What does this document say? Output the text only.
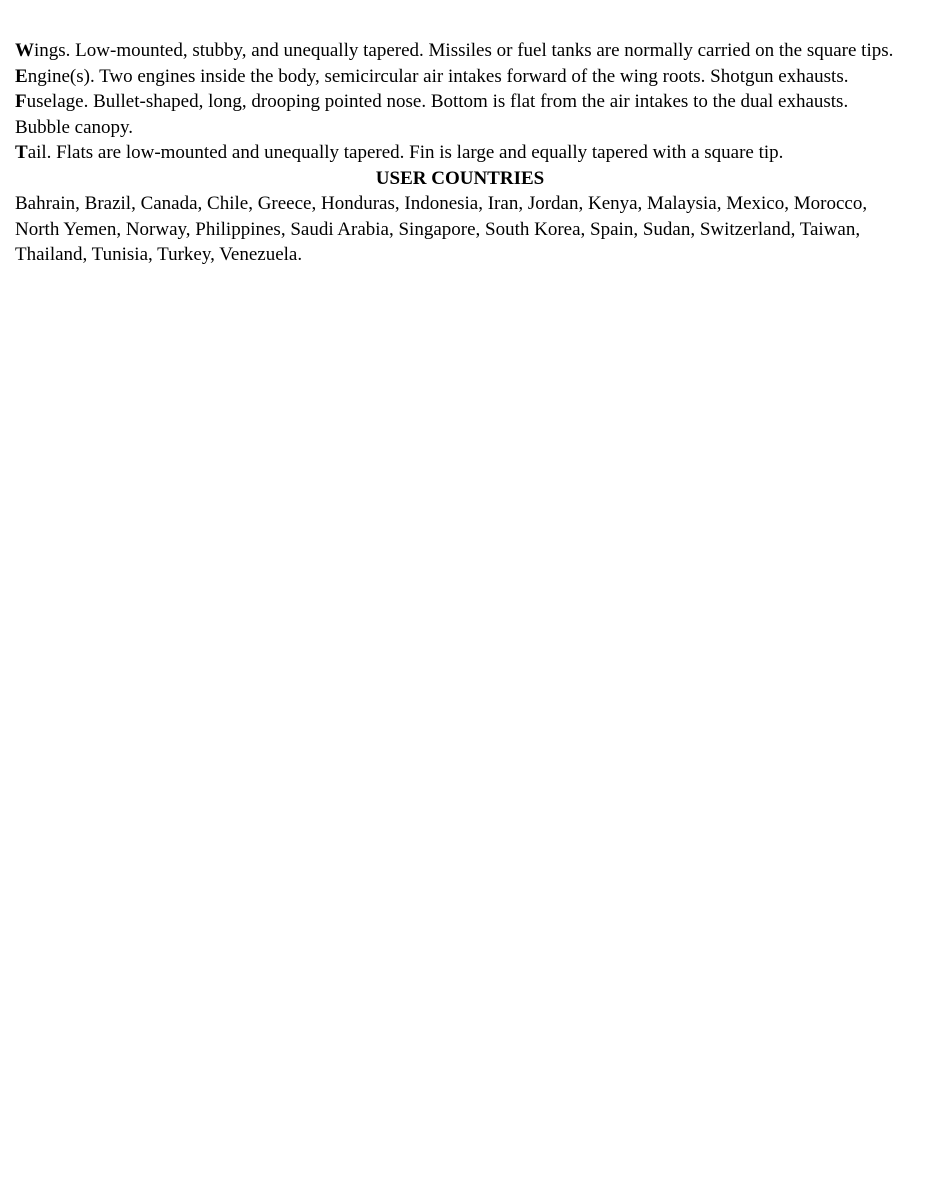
Wings. Low-mounted, stubby, and unequally tapered. Missiles or fuel tanks are normally carried on the square tips.

Engine(s). Two engines inside the body, semicircular air intakes forward of the wing roots. Shotgun exhausts.

Fuselage. Bullet-shaped, long, drooping pointed nose. Bottom is flat from the air intakes to the dual exhausts. Bubble canopy.

Tail. Flats are low-mounted and unequally tapered. Fin is large and equally tapered with a square tip.

USER COUNTRIES

Bahrain, Brazil, Canada, Chile, Greece, Honduras, Indonesia, Iran, Jordan, Kenya, Malaysia, Mexico, Morocco, North Yemen, Norway, Philippines, Saudi Arabia, Singapore, South Korea, Spain, Sudan, Switzerland, Taiwan, Thailand, Tunisia, Turkey, Venezuela.
